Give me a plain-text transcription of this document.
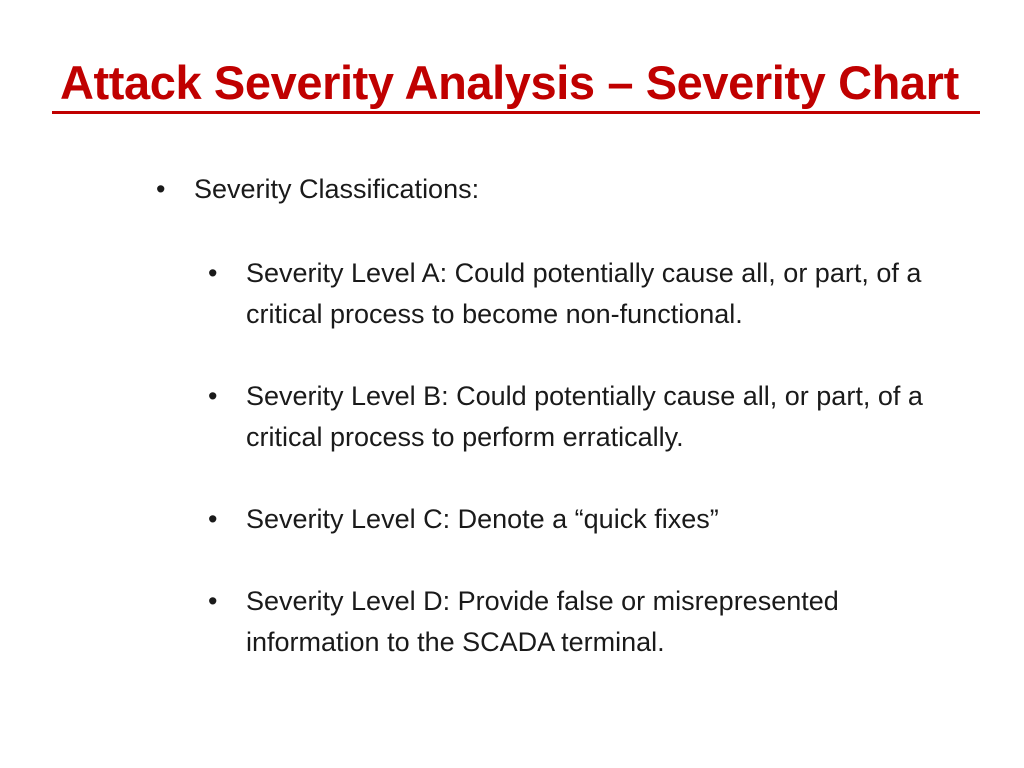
Attack Severity Analysis – Severity Chart
• Severity Classifications:
•	Severity Level A: Could potentially cause all, or part, of a critical process to become non-functional.
•	Severity Level B: Could potentially cause all, or part, of a critical process to perform erratically.
•	Severity Level C: Denote a “quick fixes”
•	Severity Level D: Provide false or misrepresented information to the SCADA terminal.
